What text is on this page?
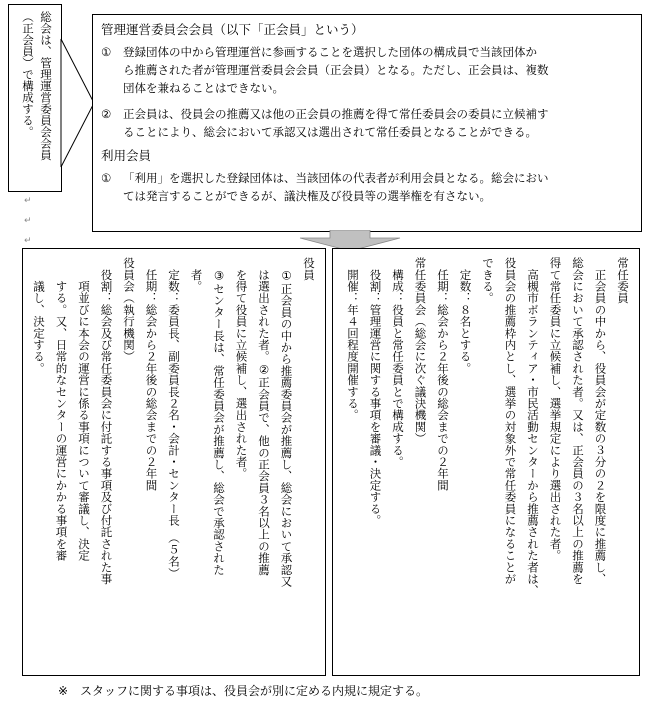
総会は、管理運営委員会会員
（正会員）で構成する。
↵
↵
↵
管理運営委員会会員（以下「正会員」という）
①	登録団体の中から管理運営に参画することを選択した団体の構成員で当該団体か
ら推薦された者が管理運営委員会会員（正会員）となる。ただし、正会員は、複数
団体を兼ねることはできない。
②	正会員は、役員会の推薦又は他の正会員の推薦を得て常任委員会の委員に立候補す
ることにより、総会において承認又は選出されて常任委員となることができる。
利用会員
①	「利用」を選択した登録団体は、当該団体の代表者が利用会員となる。総会におい
ては発言することができるが、議決権及び役員等の選挙権を有さない。
常任委員
　正会員の中から、役員会が定数の３分の２を限度に推薦し、
総会において承認された者。又は、正会員の３名以上の推薦を
得て常任委員に立候補し、選挙規定により選出された者。
　高槻市ボランティア・市民活動センターから推薦された者は、
役員会の推薦枠内とし、選挙の対象外で常任委員になることが
できる。
　定数：８名とする。
　任期：総会から２年後の総会までの２年間
常任委員会（総会に次ぐ議決機関）
　構成：役員と常任委員とで構成する。
　役割：管理運営に関する事項を審議・決定する。
　開催：年４回程度開催する。
役員
　①正会員の中から推薦委員会が推薦し、総会において承認又
　は選出された者。②正会員で、他の正会員３名以上の推薦
　を得て役員に立候補し、選出された者。
　③センター長は、常任委員会が推薦し、総会で承認された
　者。
　定数：委員長、副委員長２名・会計・センター長　（５名）
　任期：総会から２年後の総会までの２年間
役員会（執行機関）
　役割：総会及び常任委員会に付託する事項及び付託された事
　　項並びに本会の運営に係る事項について審議し、決定
　　する。又、日常的なセンターの運営にかかる事項を審
　　議し、決定する。
※　スタッフに関する事項は、役員会が別に定める内規に規定する。
